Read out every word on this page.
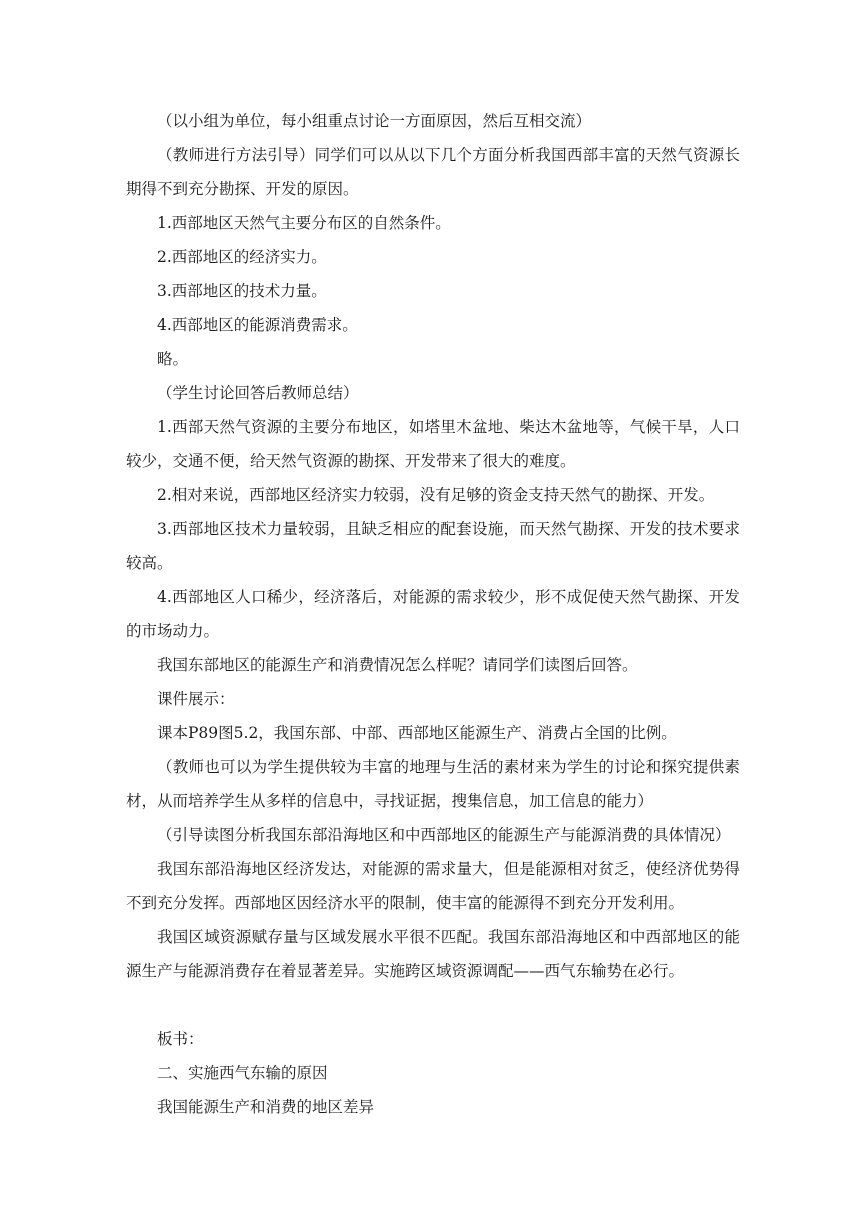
（以小组为单位，每小组重点讨论一方面原因，然后互相交流）

（教师进行方法引导）同学们可以从以下几个方面分析我国西部丰富的天然气资源长期得不到充分勘探、开发的原因。

1.西部地区天然气主要分布区的自然条件。

2.西部地区的经济实力。

3.西部地区的技术力量。

4.西部地区的能源消费需求。

略。

（学生讨论回答后教师总结）

1.西部天然气资源的主要分布地区，如塔里木盆地、柴达木盆地等，气候干旱，人口较少，交通不便，给天然气资源的勘探、开发带来了很大的难度。

2.相对来说，西部地区经济实力较弱，没有足够的资金支持天然气的勘探、开发。

3.西部地区技术力量较弱，且缺乏相应的配套设施，而天然气勘探、开发的技术要求较高。

4.西部地区人口稀少，经济落后，对能源的需求较少，形不成促使天然气勘探、开发的市场动力。

我国东部地区的能源生产和消费情况怎么样呢？请同学们读图后回答。

课件展示：

课本P89图5.2，我国东部、中部、西部地区能源生产、消费占全国的比例。

（教师也可以为学生提供较为丰富的地理与生活的素材来为学生的讨论和探究提供素材，从而培养学生从多样的信息中，寻找证据，搜集信息，加工信息的能力）

（引导读图分析我国东部沿海地区和中西部地区的能源生产与能源消费的具体情况）

我国东部沿海地区经济发达，对能源的需求量大，但是能源相对贫乏，使经济优势得不到充分发挥。西部地区因经济水平的限制，使丰富的能源得不到充分开发利用。

我国区域资源赋存量与区域发展水平很不匹配。我国东部沿海地区和中西部地区的能源生产与能源消费存在着显著差异。实施跨区域资源调配——西气东输势在必行。

板书：

二、实施西气东输的原因

我国能源生产和消费的地区差异
